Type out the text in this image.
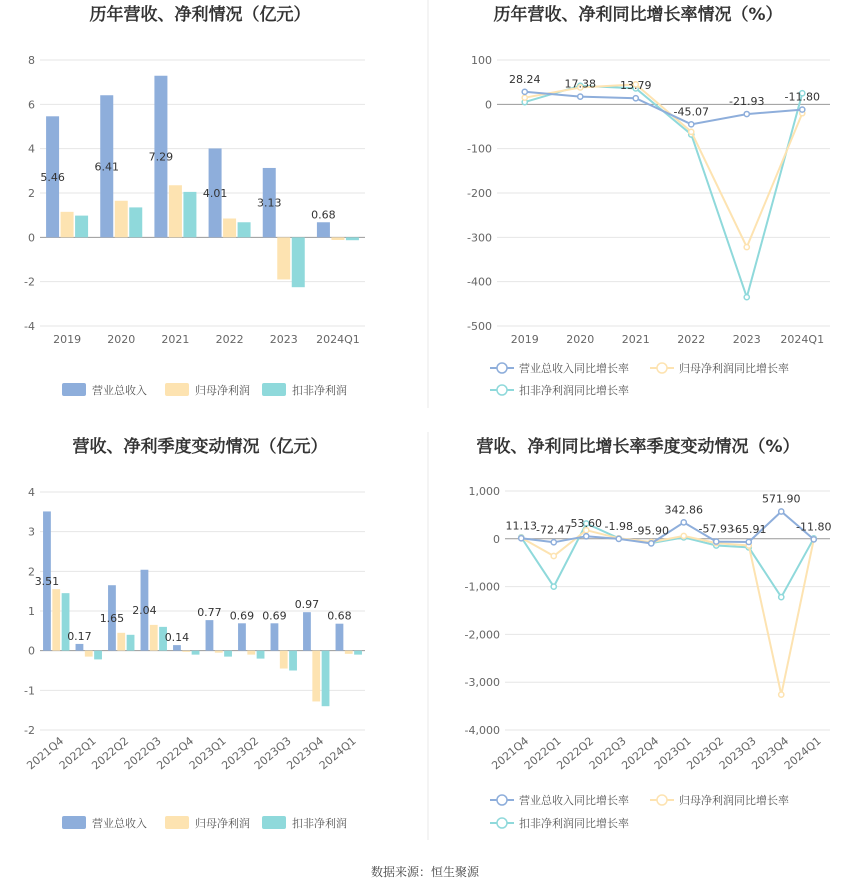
历年营收、净利情况（亿元）
-4
-2
0
2
4
6
8
5.46
6.41
7.29
4.01
3.13
0.68
2019 2020 2021 2022 2023 2024Q1
营业总收入	归母净利润	扣非净利润
历年营收、净利同比增长率情况（%）
-500
-400
-300
-200
-100
0
100
28.24 17.38 13.79
-45.07
-21.93 -11.80
2019	2020	2021	2022	2023 2024Q1
营业总收入同比增长率	归母净利润同比增长率
扣非净利润同比增长率
营收、净利季度变动情况（亿元）
-2
-1
0
1
2
3
4
3.51
0.17
1.65
2.04
0.14
0.77 0.69 0.69
0.97
0.68
2021Q4
2022Q1
2022Q2
2022Q3
2022Q4
2023Q1
2023Q2
2023Q3
2023Q4
2024Q1
营业总收入	归母净利润	扣非净利润
营收、净利同比增长率季度变动情况（%）
-4,000
-3,000
-2,000
-1,000
0
1,000
11.13 -72.47 53.60 -1.98 -95.90
342.86
-57.93
-65.91
571.90
-11.80
2021Q4
2022Q1
2022Q2
2022Q3
2022Q4
2023Q1
2023Q2
2023Q3
2023Q4
2024Q1
营业总收入同比增长率	归母净利润同比增长率
扣非净利润同比增长率
数据来源：恒生聚源
